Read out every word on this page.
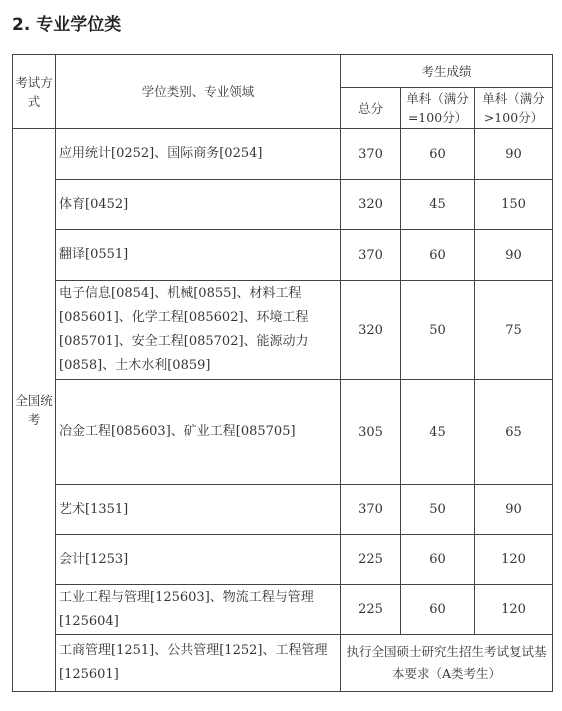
2. 专业学位类
考试方式	学位类别、专业领域	考生成绩		
		总分	单科（满分=100分）	单科（满分>100分）
全国统考	应用统计[0252]、国际商务[0254]	370	60	90
	体育[0452]	320	45	150
	翻译[0551]	370	60	90
	电子信息[0854]、机械[0855]、材料工程[085601]、化学工程[085602]、环境工程[085701]、安全工程[085702]、能源动力[0858]、土木水利[0859]	320	50	75
	冶金工程[085603]、矿业工程[085705]	305	45	65
	艺术[1351]	370	50	90
	会计[1253]	225	60	120
	工业工程与管理[125603]、物流工程与管理[125604]	225	60	120
	工商管理[1251]、公共管理[1252]、工程管理[125601]	执行全国硕士研究生招生考试复试基本要求（A类考生）		
